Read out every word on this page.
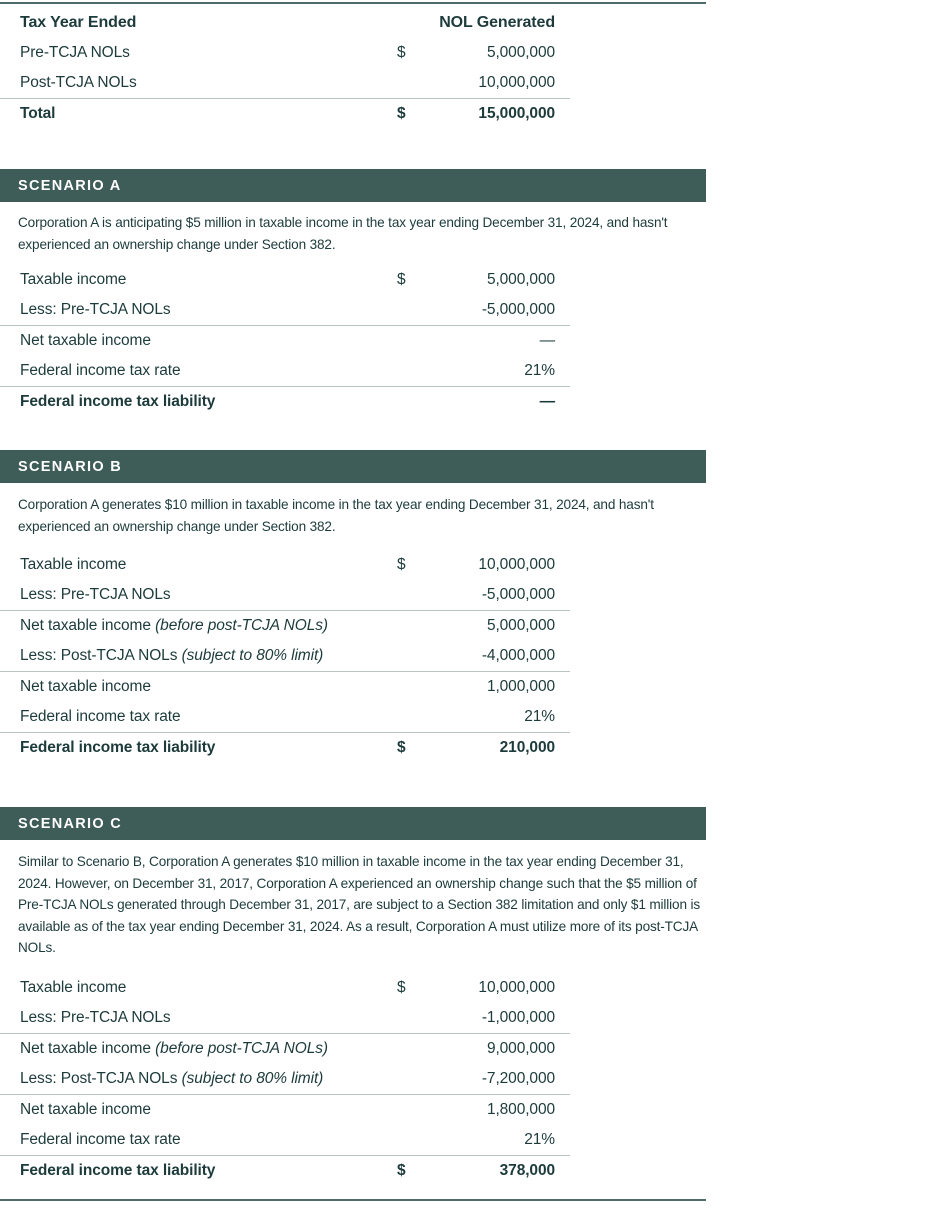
Tax Year Ended	NOL Generated
Pre-TCJA NOLs	$	5,000,000
Post-TCJA NOLs	10,000,000
Total	$	15,000,000
SCENARIO A
Corporation A is anticipating $5 million in taxable income in the tax year ending December 31, 2024, and hasn't experienced an ownership change under Section 382.
Taxable income	$	5,000,000
Less: Pre-TCJA NOLs	-5,000,000
Net taxable income	—
Federal income tax rate	21%
Federal income tax liability	—
SCENARIO B
Corporation A generates $10 million in taxable income in the tax year ending December 31, 2024, and hasn't experienced an ownership change under Section 382.
Taxable income	$	10,000,000
Less: Pre-TCJA NOLs	-5,000,000
Net taxable income (before post-TCJA NOLs)	5,000,000
Less: Post-TCJA NOLs (subject to 80% limit)	-4,000,000
Net taxable income	1,000,000
Federal income tax rate	21%
Federal income tax liability	$	210,000
SCENARIO C
Similar to Scenario B, Corporation A generates $10 million in taxable income in the tax year ending December 31, 2024. However, on December 31, 2017, Corporation A experienced an ownership change such that the $5 million of Pre-TCJA NOLs generated through December 31, 2017, are subject to a Section 382 limitation and only $1 million is available as of the tax year ending December 31, 2024. As a result, Corporation A must utilize more of its post-TCJA NOLs.
Taxable income	$	10,000,000
Less: Pre-TCJA NOLs	-1,000,000
Net taxable income (before post-TCJA NOLs)	9,000,000
Less: Post-TCJA NOLs (subject to 80% limit)	-7,200,000
Net taxable income	1,800,000
Federal income tax rate	21%
Federal income tax liability	$	378,000
